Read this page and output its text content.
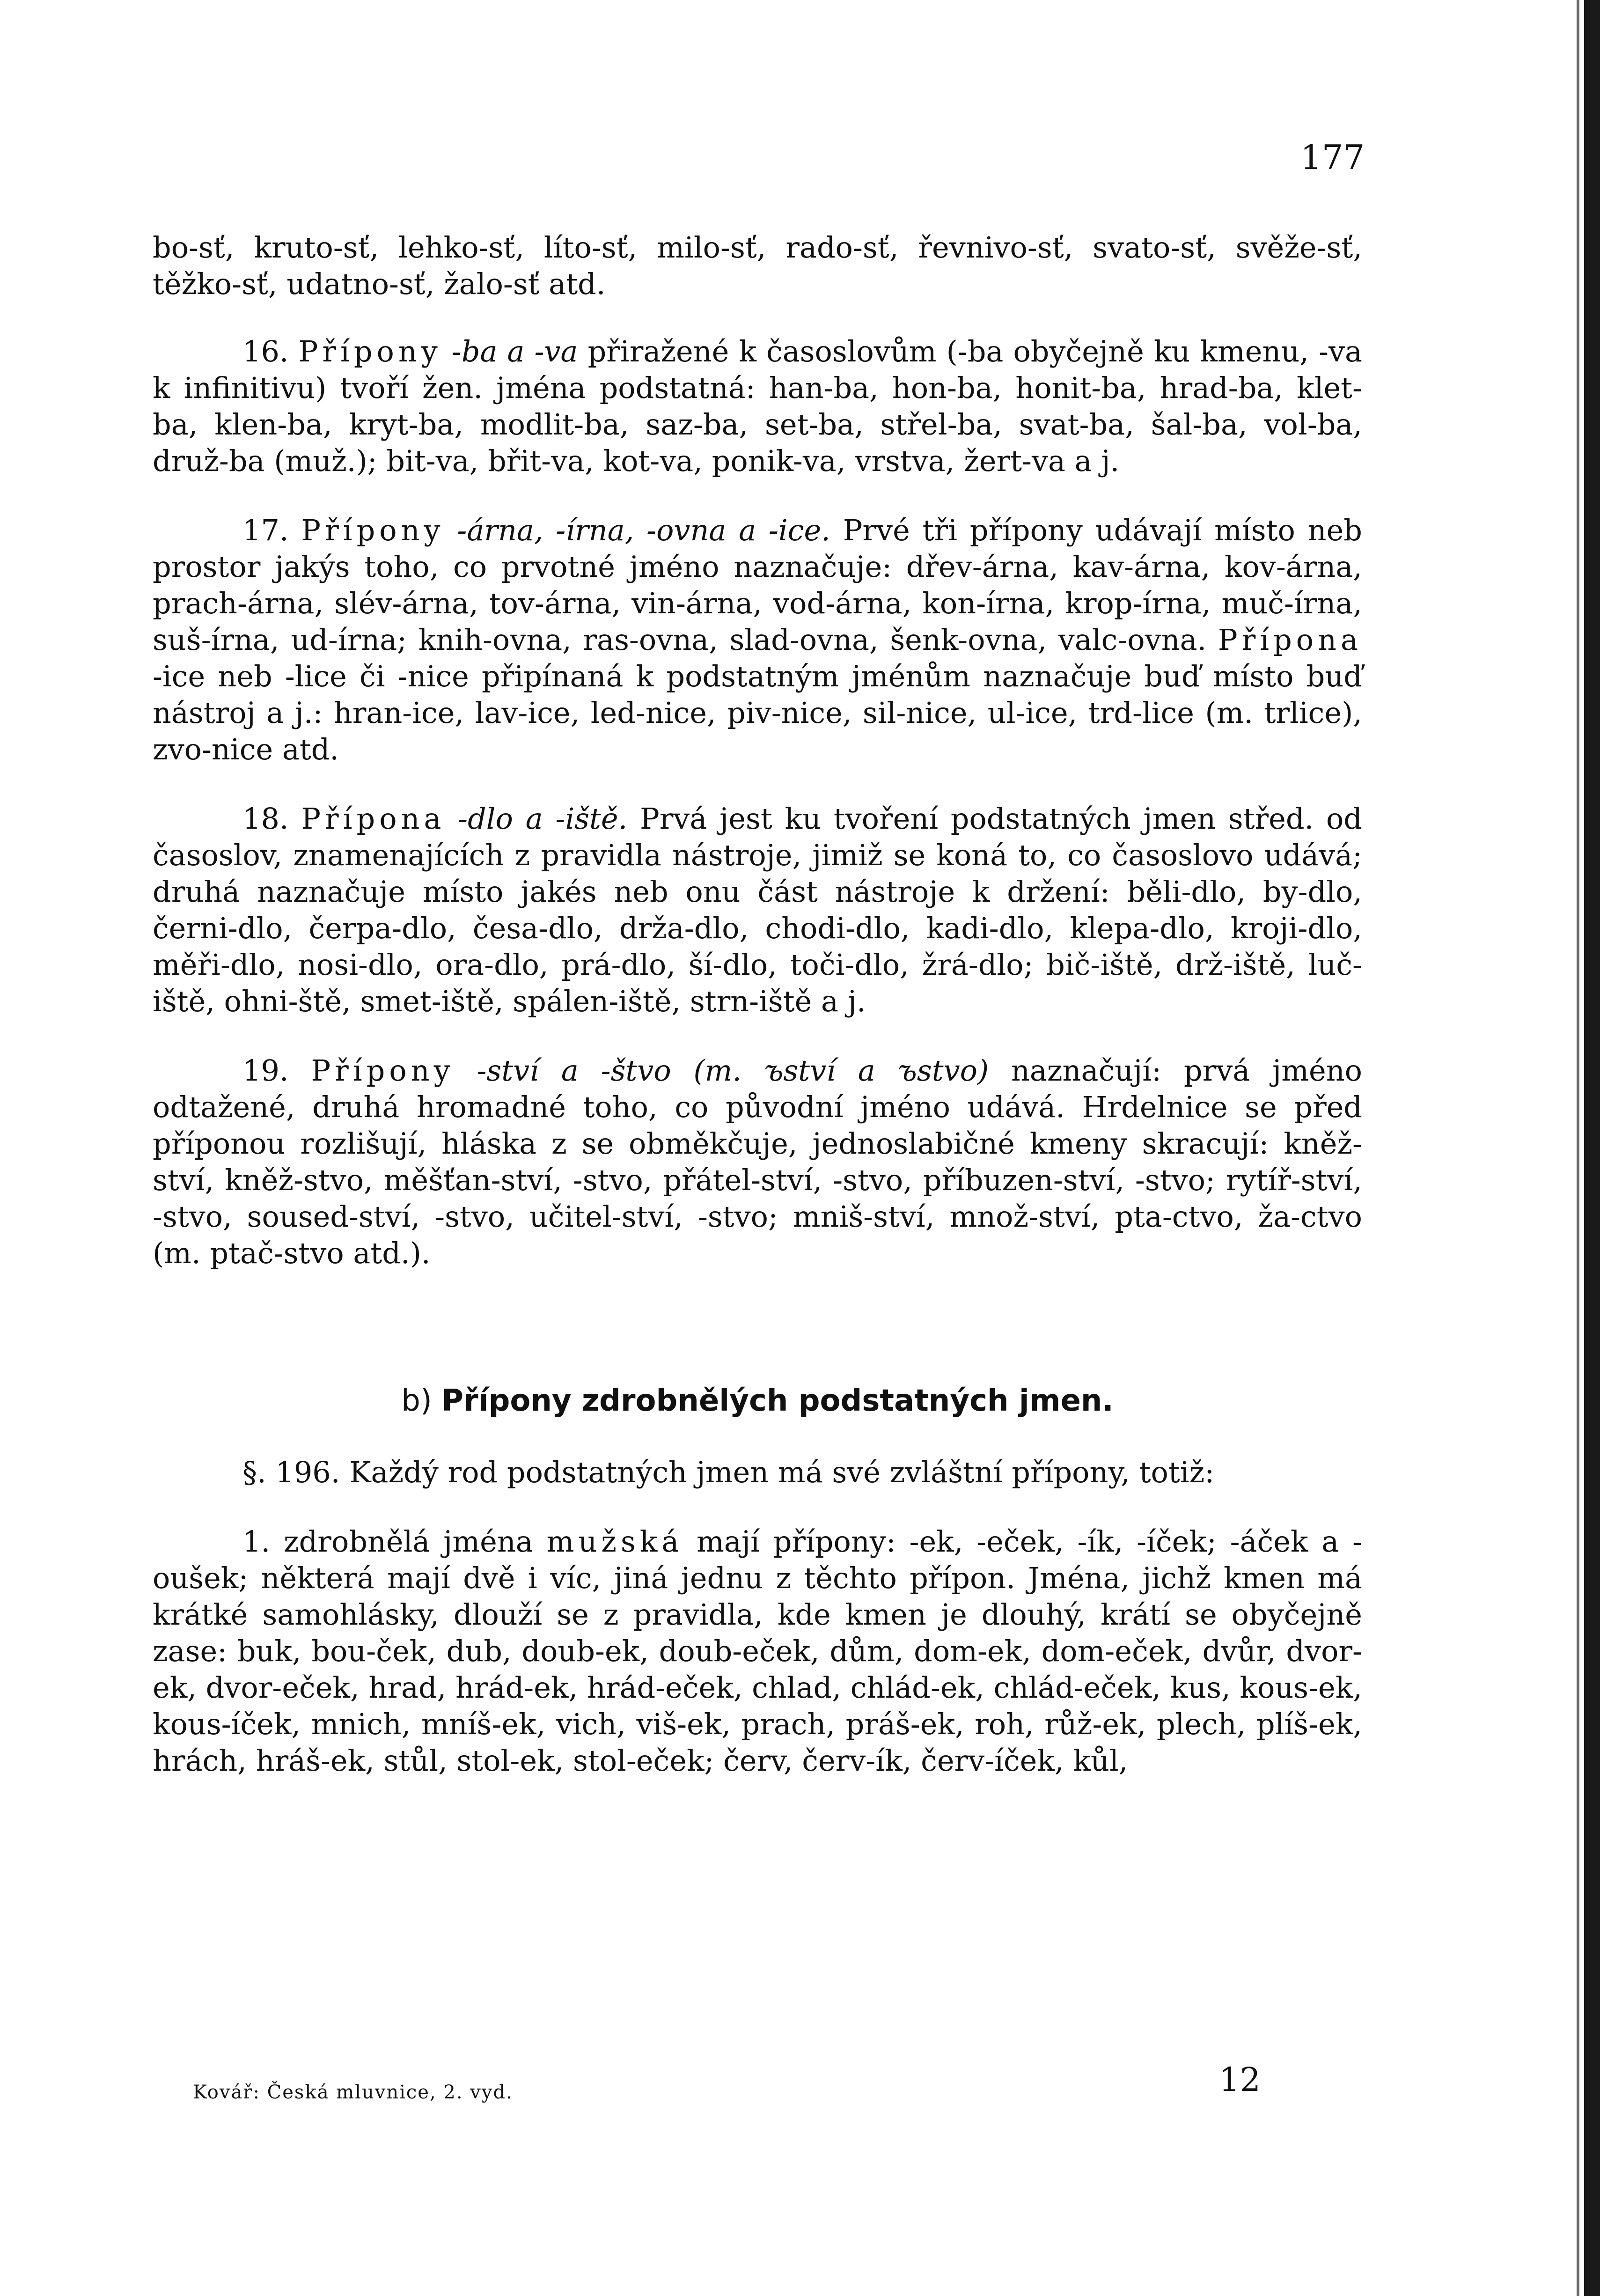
177

bo-sť, kruto-sť, lehko-sť, líto-sť, milo-sť, rado-sť, řevnivo-sť, svato-sť, svěže-sť, těžko-sť, udatno-sť, žalo-sť atd.

16. Přípony -ba a -va přiražené k časoslovům (-ba obyčejně ku kmenu, -va k infinitivu) tvoří žen. jména podstatná: han-ba, hon-ba, honit-ba, hrad-ba, klet-ba, klen-ba, kryt-ba, modlit-ba, saz-ba, set-ba, střel-ba, svat-ba, šal-ba, vol-ba, druž-ba (muž.); bit-va, břit-va, kot-va, ponik-va, vrstva, žert-va a j.

17. Přípony -árna, -írna, -ovna a -ice. Prvé tři přípony udávají místo neb prostor jakýs toho, co prvotné jméno naznačuje: dřev-árna, kav-árna, kov-árna, prach-árna, slév-árna, tov-árna, vin-árna, vod-árna, kon-írna, krop-írna, muč-írna, suš-írna, ud-írna; knih-ovna, ras-ovna, slad-ovna, šenk-ovna, valc-ovna. Přípona -ice neb -lice či -nice připínaná k podstatným jménům naznačuje buď místo buď nástroj a j.: hran-ice, lav-ice, led-nice, piv-nice, sil-nice, ul-ice, trd-lice (m. trlice), zvo-nice atd.

18. Přípona -dlo a -iště. Prvá jest ku tvoření podstatných jmen střed. od časoslov, znamenajících z pravidla nástroje, jimiž se koná to, co časoslovo udává; druhá naznačuje místo jakés neb onu část nástroje k držení: běli-dlo, by-dlo, černi-dlo, čerpa-dlo, česa-dlo, drža-dlo, chodi-dlo, kadi-dlo, klepa-dlo, kroji-dlo, měři-dlo, nosi-dlo, ora-dlo, prá-dlo, ší-dlo, toči-dlo, žrá-dlo; bič-iště, drž-iště, luč-iště, ohni-ště, smet-iště, spálen-iště, strn-iště a j.

19. Přípony -ství a -štvo (m. ъství a ъstvo) naznačují: prvá jméno odtažené, druhá hromadné toho, co původní jméno udává. Hrdelnice se před příponou rozlišují, hláska z se obměkčuje, jednoslabičné kmeny skracují: kněž-ství, kněž-stvo, měšťan-ství, -stvo, přátel-ství, -stvo, příbuzen-ství, -stvo; rytíř-ství, -stvo, soused-ství, -stvo, učitel-ství, -stvo; mniš-ství, množ-ství, pta-ctvo, ža-ctvo (m. ptač-stvo atd.).

b) Přípony zdrobnělých podstatných jmen.

§. 196. Každý rod podstatných jmen má své zvláštní přípony, totiž:

1. zdrobnělá jména mužská mají přípony: -ek, -eček, -ík, -íček; -áček a -oušek; některá mají dvě i víc, jiná jednu z těchto přípon. Jména, jichž kmen má krátké samohlásky, dlouží se z pravidla, kde kmen je dlouhý, krátí se obyčejně zase: buk, bou-ček, dub, doub-ek, doub-eček, dům, dom-ek, dom-eček, dvůr, dvor-ek, dvor-eček, hrad, hrád-ek, hrád-eček, chlad, chlád-ek, chlád-eček, kus, kous-ek, kous-íček, mnich, mníš-ek, vich, viš-ek, prach, práš-ek, roh, růž-ek, plech, plíš-ek, hrách, hráš-ek, stůl, stol-ek, stol-eček; červ, červ-ík, červ-íček, kůl,

Kovář: Česká mluvnice, 2. vyd.	12
